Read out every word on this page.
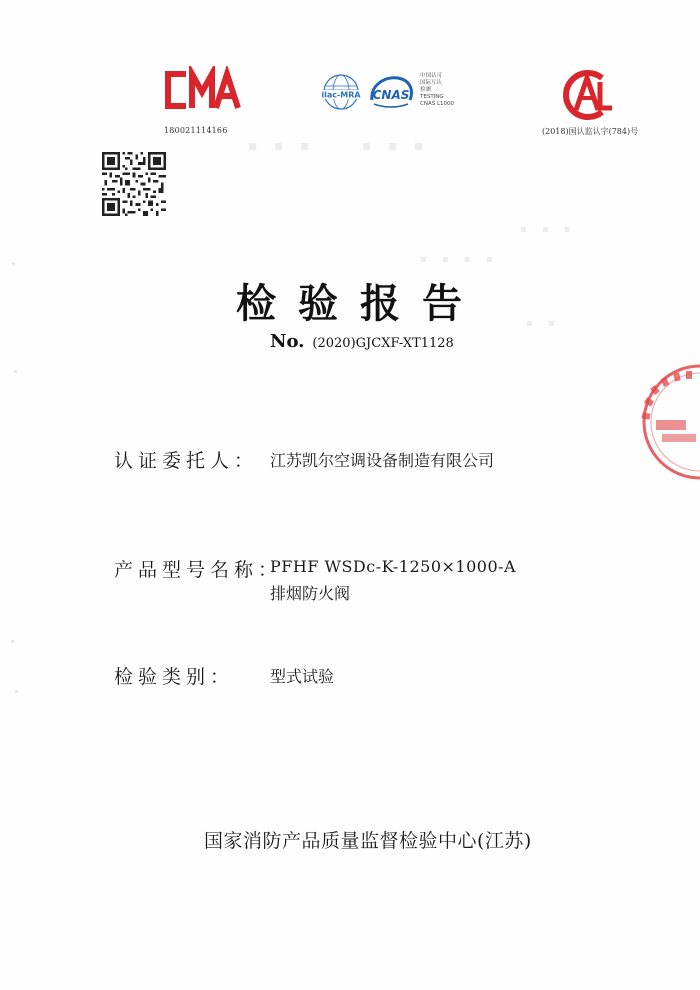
180021114166
ilac-MRA CNAS
中国认可
国际互认
检测
TESTING
CNAS L1000
(2018)国认监认字(784)号
▪ ▪ ▪	▪ ▪ ▪
▪ ▪ ▪
▪ ▪ ▪ ▪
▪ ▪
检验报告
No. (2020)GJCXF-XT1128
认证委托人： 江苏凯尔空调设备制造有限公司
产品型号名称：
PFHF WSDc-K-1250×1000-A
排烟防火阀
检验类别： 型式试验
国家消防产品质量监督检验中心(江苏)
